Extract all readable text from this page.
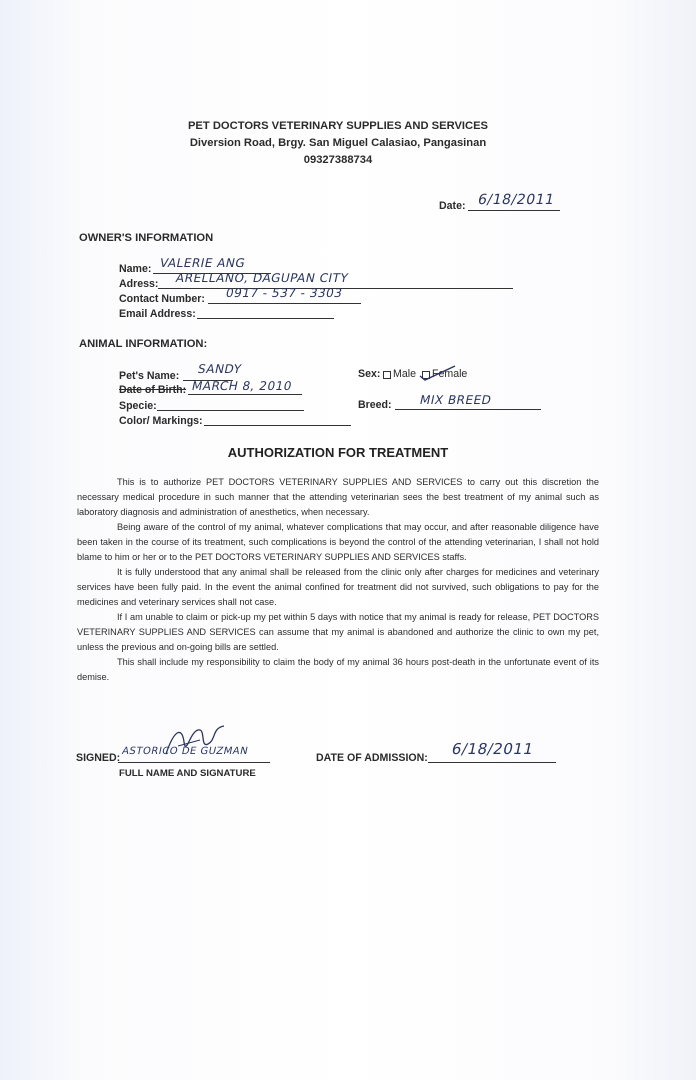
PET DOCTORS VETERINARY SUPPLIES AND SERVICES
Diversion Road, Brgy. San Miguel Calasiao, Pangasinan
09327388734
Date: 6/18/2011
OWNER'S INFORMATION
Name: VALERIE ANG
Adress: ARELLANO, DAGUPAN CITY
Contact Number: 0917 - 537 - 3303
Email Address:
ANIMAL INFORMATION:
Pet's Name: SANDY
Date of Birth: MARCH 8, 2010
Specie:
Color/ Markings:
Sex: Male Female
Breed: MIX BREED
AUTHORIZATION FOR TREATMENT

This is to authorize PET DOCTORS VETERINARY SUPPLIES AND SERVICES to carry out this discretion the necessary medical procedure in such manner that the attending veterinarian sees the best treatment of my animal such as laboratory diagnosis and administration of anesthetics, when necessary.

Being aware of the control of my animal, whatever complications that may occur, and after reasonable diligence have been taken in the course of its treatment, such complications is beyond the control of the attending veterinarian, I shall not hold blame to him or her or to the PET DOCTORS VETERINARY SUPPLIES AND SERVICES staffs.

It is fully understood that any animal shall be released from the clinic only after charges for medicines and veterinary services have been fully paid. In the event the animal confined for treatment did not survived, such obligations to pay for the medicines and veterinary services shall not case.

If I am unable to claim or pick-up my pet within 5 days with notice that my animal is ready for release, PET DOCTORS VETERINARY SUPPLIES AND SERVICES can assume that my animal is abandoned and authorize the clinic to own my pet, unless the previous and on-going bills are settled.

This shall include my responsibility to claim the body of my animal 36 hours post-death in the unfortunate event of its demise.

SIGNED:
ASTORICO DE GUZMAN
FULL NAME AND SIGNATURE
DATE OF ADMISSION: 6/18/2011
